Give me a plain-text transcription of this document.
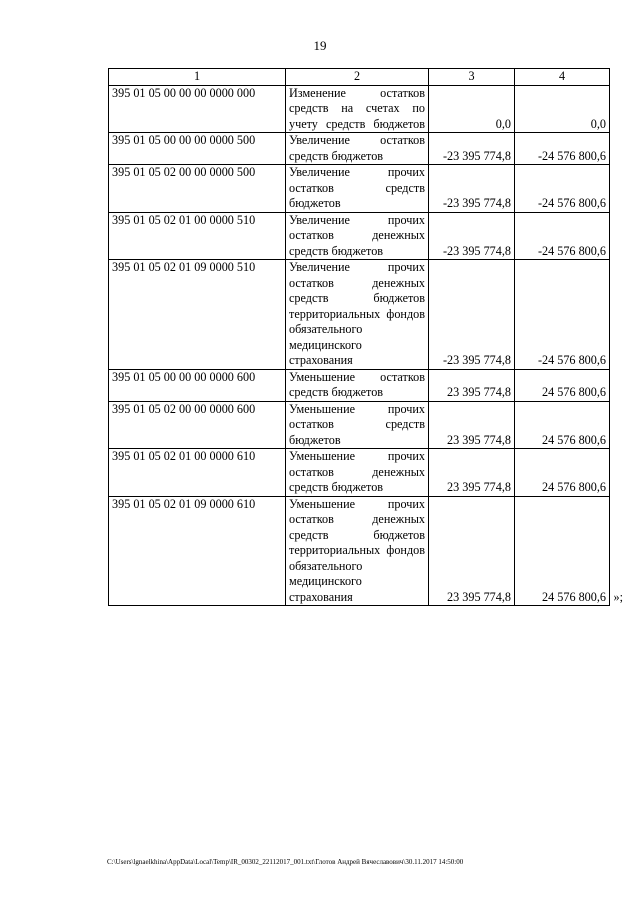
19
1	2	3	4
395 01 05 00 00 00 0000 000	Изменение остатков средств на счетах по учету средств бюджетов	0,0	0,0
395 01 05 00 00 00 0000 500	Увеличение остатков средств бюджетов	-23 395 774,8	-24 576 800,6
395 01 05 02 00 00 0000 500	Увеличение прочих остатков средств бюджетов	-23 395 774,8	-24 576 800,6
395 01 05 02 01 00 0000 510	Увеличение прочих остатков денежных средств бюджетов	-23 395 774,8	-24 576 800,6
395 01 05 02 01 09 0000 510	Увеличение прочих остатков денежных средств бюджетов территориальных фондов обязательного медицинского страхования	-23 395 774,8	-24 576 800,6
395 01 05 00 00 00 0000 600	Уменьшение остатков средств бюджетов	23 395 774,8	24 576 800,6
395 01 05 02 00 00 0000 600	Уменьшение прочих остатков средств бюджетов	23 395 774,8	24 576 800,6
395 01 05 02 01 00 0000 610	Уменьшение прочих остатков денежных средств бюджетов	23 395 774,8	24 576 800,6
395 01 05 02 01 09 0000 610	Уменьшение прочих остатков денежных средств бюджетов территориальных фондов обязательного медицинского страхования	23 395 774,8	24 576 800,6 »;
C:\Users\lgnaelkhina\AppData\Local\Temp\IR_00302_22112017_001.txt\Глотов Андрей Вячеславович\30.11.2017 14:50:00
